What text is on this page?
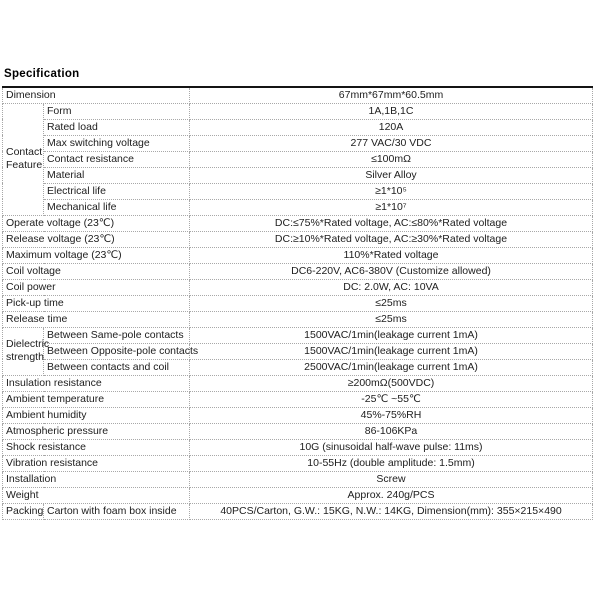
Specification
Dimension		67mm*67mm*60.5mm
Contact Feature	Form	1A,1B,1C
	Rated load	120A
	Max switching voltage	277 VAC/30 VDC
	Contact resistance	≤100mΩ
	Material	Silver Alloy
	Electrical life	≥1*10⁵
	Mechanical life	≥1*10⁷
Operate voltage (23℃)		DC:≤75%*Rated voltage, AC:≤80%*Rated voltage
Release voltage (23℃)		DC:≥10%*Rated voltage, AC:≥30%*Rated voltage
Maximum voltage (23℃)		110%*Rated voltage
Coil voltage		DC6-220V, AC6-380V (Customize allowed)
Coil power		DC: 2.0W, AC: 10VA
Pick-up time		≤25ms
Release time		≤25ms
Dielectric strength	Between Same-pole contacts	1500VAC/1min(leakage current 1mA)
	Between Opposite-pole contacts	1500VAC/1min(leakage current 1mA)
	Between contacts and coil	2500VAC/1min(leakage current 1mA)
Insulation resistance		≥200mΩ(500VDC)
Ambient temperature		-25℃ ~55℃
Ambient humidity		45%-75%RH
Atmospheric pressure		86-106KPa
Shock resistance		10G (sinusoidal half-wave pulse: 11ms)
Vibration resistance		10-55Hz (double amplitude: 1.5mm)
Installation		Screw
Weight		Approx. 240g/PCS
Packing	Carton with foam box inside	40PCS/Carton, G.W.: 15KG, N.W.: 14KG, Dimension(mm): 355×215×490
